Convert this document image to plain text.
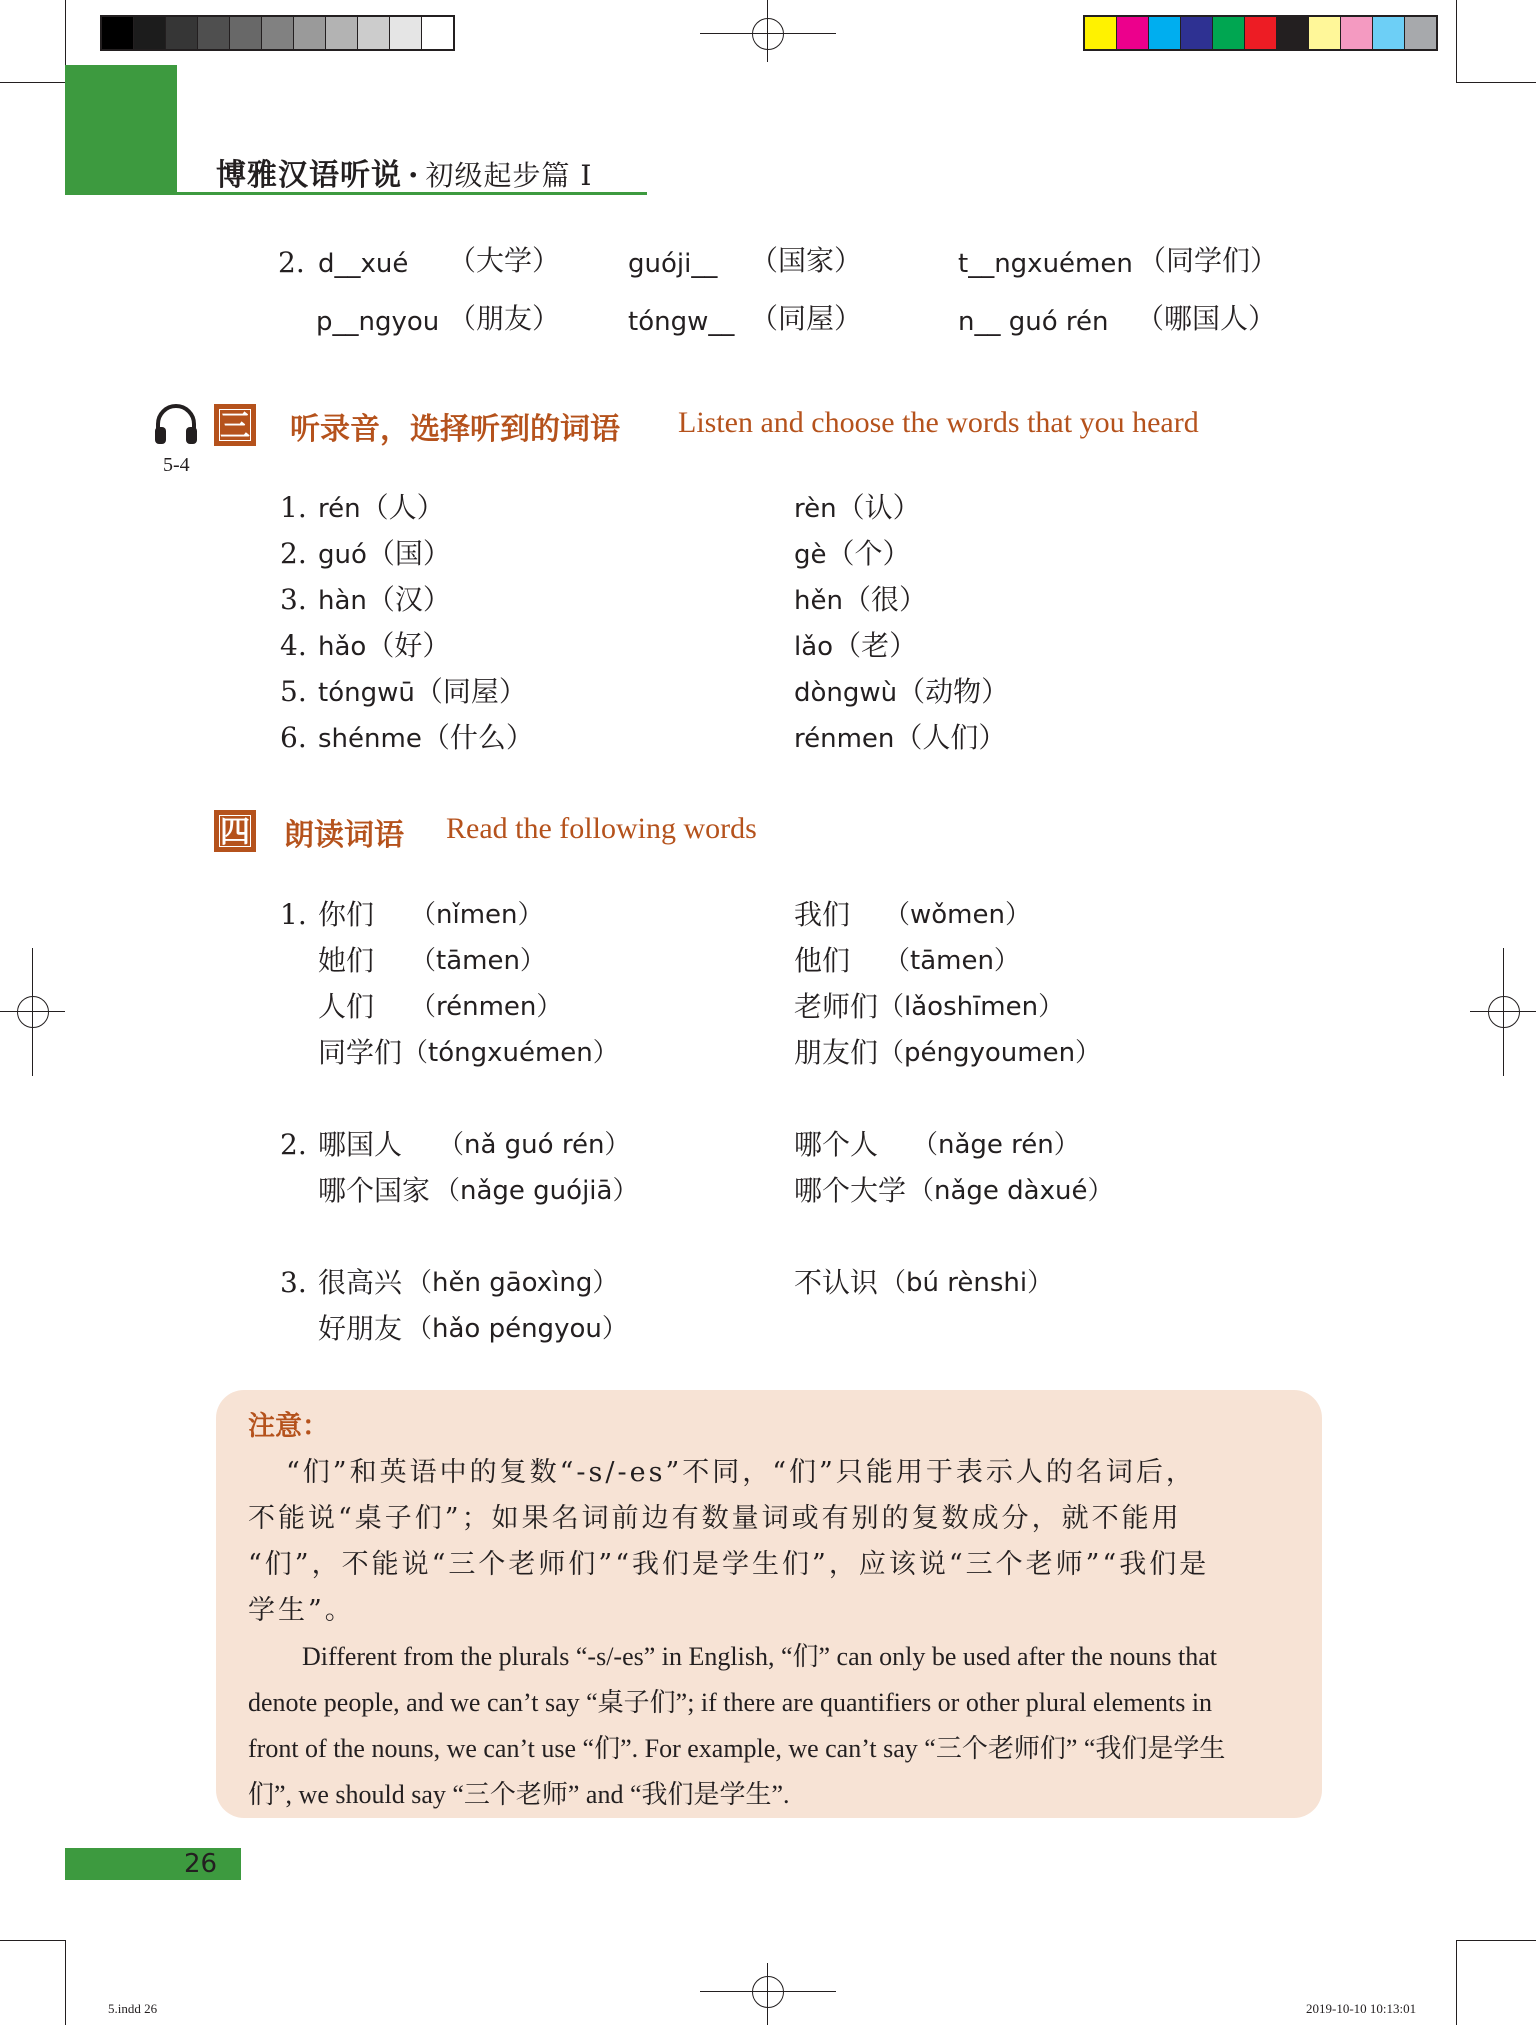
博雅汉语听说 · 初级起步篇 I
2. d__xué （大学）	guóji__ （国家）	t__ngxuémen （同学们）
p__ngyou （朋友）	tóngw__ （同屋）	n__ guó rén （哪国人）
5-4
三 听录音，选择听到的词语 Listen and choose the words that you heard
1. rén（人）	rèn（认）
2. guó（国）	gè（个）
3. hàn（汉）	hěn（很）
4. hǎo（好）	lǎo（老）
5. tóngwū（同屋）	dòngwù（动物）
6. shénme（什么）	rénmen（人们）
四 朗读词语 Read the following words
1. 你们 （nǐmen）	我们 （wǒmen）
她们 （tāmen）	他们 （tāmen）
人们 （rénmen）	老师们 （lǎoshīmen）
同学们 （tóngxuémen）	朋友们 （péngyoumen）
2. 哪国人 （nǎ guó rén）	哪个人 （nǎge rén）
哪个国家 （nǎge guójiā）	哪个大学 （nǎge dàxué）
3. 很高兴 （hěn gāoxìng）	不认识 （bú rènshi）
好朋友 （hǎo péngyou）
注意：
“们”和英语中的复数“-s/-es”不同，“们”只能用于表示人的名词后，
不能说“桌子们”；如果名词前边有数量词或有别的复数成分，就不能用
“们”，不能说“三个老师们”“我们是学生们”，应该说“三个老师”“我们是
学生”。
Different from the plurals “-s/-es” in English, “们” can only be used after the nouns that
denote people, and we can’t say “桌子们”; if there are quantifiers or other plural elements in
front of the nouns, we can’t use “们”. For example, we can’t say “三个老师们” “我们是学生
们”, we should say “三个老师” and “我们是学生”.
26
5.indd 26	2019-10-10 10:13:01
